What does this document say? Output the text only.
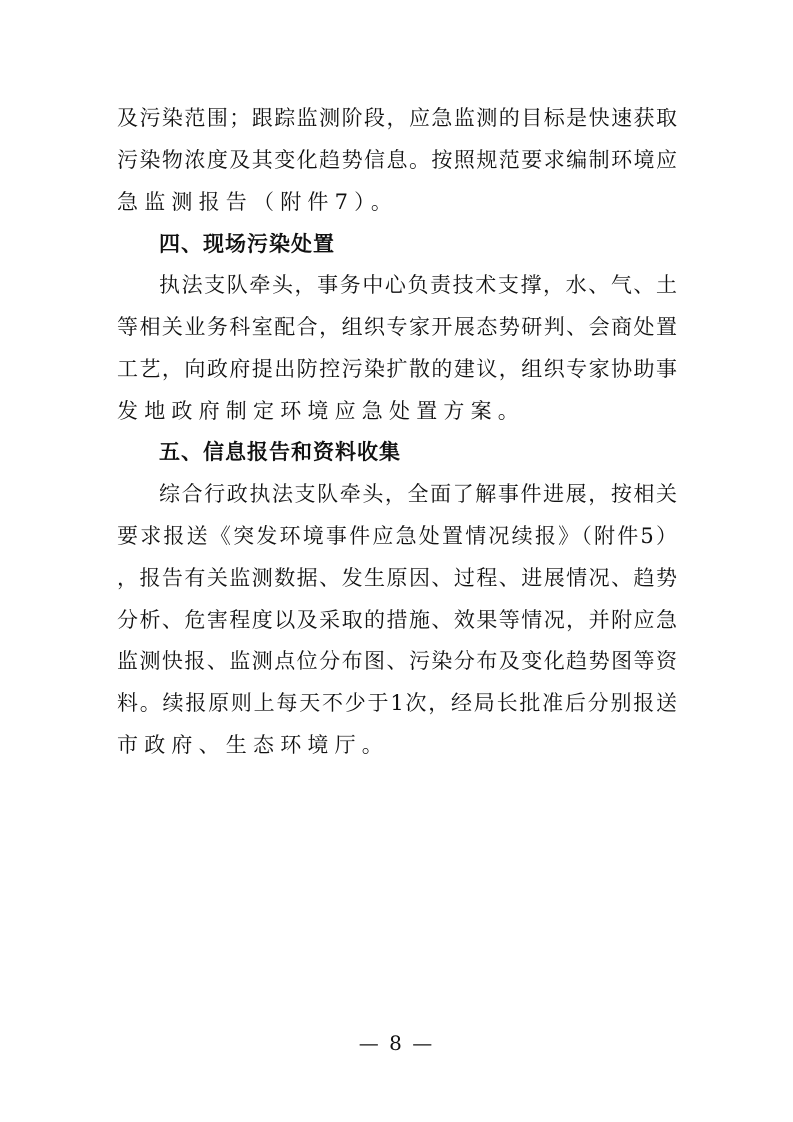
及污染范围；跟踪监测阶段，应急监测的目标是快速获取
污染物浓度及其变化趋势信息。按照规范要求编制环境应
急监测报告（附件7）。
四、现场污染处置
执法支队牵头，事务中心负责技术支撑，水、气、土
等相关业务科室配合，组织专家开展态势研判、会商处置
工艺，向政府提出防控污染扩散的建议，组织专家协助事
发地政府制定环境应急处置方案。
五、信息报告和资料收集
综合行政执法支队牵头，全面了解事件进展，按相关
要求报送《突发环境事件应急处置情况续报》（附件5）
，报告有关监测数据、发生原因、过程、进展情况、趋势
分析、危害程度以及采取的措施、效果等情况，并附应急
监测快报、监测点位分布图、污染分布及变化趋势图等资
料。续报原则上每天不少于1次，经局长批准后分别报送
市政府、生态环境厅。
— 8 —
